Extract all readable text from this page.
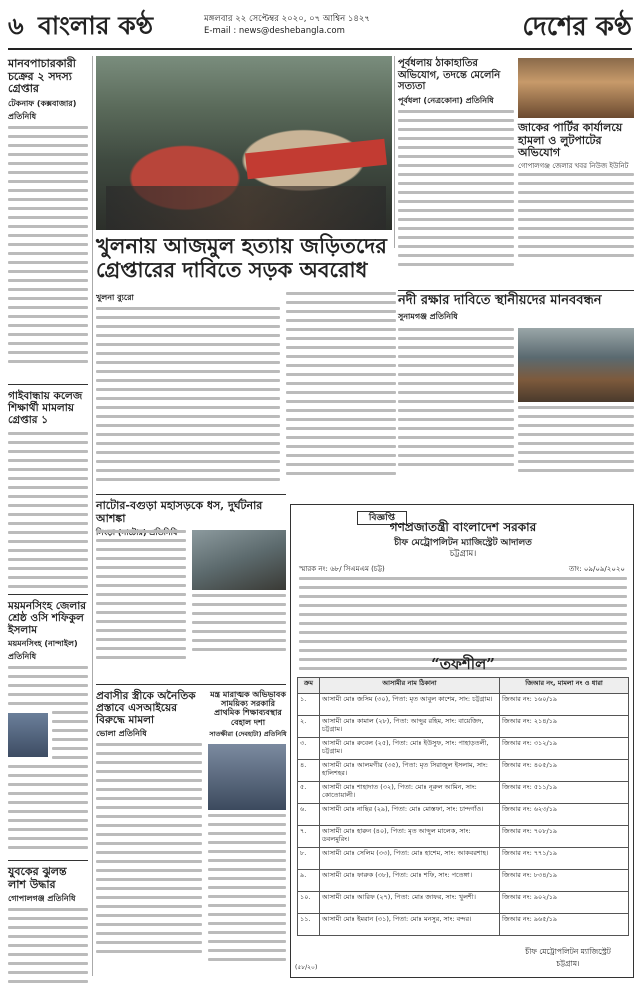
৬ বাংলার কণ্ঠ	মঙ্গলবার ২২ সেপ্টেম্বর ২০২০, ০৭ আশ্বিন ১৪২৭
E-mail : news@deshebangla.com	দেশের কণ্ঠ
মানবপাচারকারী চক্রের ২ সদস্য গ্রেপ্তার
টেকনাফ (কক্সবাজার) প্রতিনিধি
গাইবান্ধায় কলেজ শিক্ষার্থী মামলায় গ্রেপ্তার ১
ময়মনসিংহ জেলার শ্রেষ্ঠ ওসি শফিকুল ইসলাম
ময়মনসিংহ (নান্দাইল) প্রতিনিধি
যুবকের ঝুলন্ত লাশ উদ্ধার
গোপালগঞ্জ প্রতিনিধি
খুলনায় আজমুল হত্যায় জড়িতদের
গ্রেপ্তারের দাবিতে সড়ক অবরোধ
খুলনা ব্যুরো
পূর্বধলায় ঠাকাহাতির অভিযোগ, তদন্তে মেলেনি সত্যতা
পূর্বধলা (নেত্রকোনা) প্রতিনিধি
জাকের পার্টির কার্যালয়ে হামলা ও লুটপাটের অভিযোগ
গোপালগঞ্জ জেলার খবর নিউজ ইউনিট
নদী রক্ষার দাবিতে স্থানীয়দের মানববন্ধন
সুনামগঞ্জ প্রতিনিধি
নাটোর-বগুড়া মহাসড়কে ধস, দুর্ঘটনার আশঙ্কা
প্রবাসীর স্ত্রীকে অনৈতিক প্রস্তাবে এসআইয়ের বিরুদ্ধে মামলা
ভোলা প্রতিনিধি
বিজ্ঞপ্তি
গণপ্রজাতন্ত্রী বাংলাদেশ সরকার
চীফ মেট্রোপলিটন ম্যাজিস্ট্রেট আদালত
চট্টগ্রাম।
স্মারক নং: ৬৮/ সিএমএম (চট্ট)	তাং: ০৯/০৯/২০২০
“তফশীল”
ক্রম	আসামীর নাম ঠিকানা	জিআর নং, মামলা নং ও ধারা
১.	আসামী মোঃ জসিম (৩০), পিতা: মৃত আবুল কাশেম, সাং: চট্টগ্রাম।	জিআর নং: ১৬০/১৯
২.	আসামী মোঃ কামাল (২৮), পিতা: আব্দুর রহিম, সাং: বায়েজিদ, চট্টগ্রাম।	জিআর নং: ২১৪/১৯
৩.	আসামী মোঃ রুবেল (২৫), পিতা: মোঃ ইউসুফ, সাং: পাহাড়তলী, চট্টগ্রাম।	জিআর নং: ৩১২/১৯
৪.	আসামী মোঃ আলমগীর (৩৫), পিতা: মৃত সিরাজুল ইসলাম, সাং: হালিশহর।	জিআর নং: ৪০৫/১৯
৫.	আসামী মোঃ শাহাদাত (৩২), পিতা: মোঃ নূরুল আমিন, সাং: কোতোয়ালী।	জিআর নং: ৫১১/১৯
৬.	আসামী মোঃ নাছির (২৯), পিতা: মোঃ মোস্তফা, সাং: চান্দগাঁও।	জিআর নং: ৬২৩/১৯
৭.	আসামী মোঃ হারুন (৪০), পিতা: মৃত আব্দুল মালেক, সাং: ডবলমুরিং।	জিআর নং: ৭০৮/১৯
৮.	আসামী মোঃ সেলিম (৩৩), পিতা: মোঃ হাশেম, সাং: আকবরশাহ।	জিআর নং: ৭৭১/১৯
৯.	আসামী মোঃ ফারুক (৩৮), পিতা: মোঃ শফি, সাং: পতেঙ্গা।	জিআর নং: ৮৩৪/১৯
১০.	আসামী মোঃ আরিফ (২৭), পিতা: মোঃ জাফর, সাং: খুলশী।	জিআর নং: ৯০২/১৯
১১.	আসামী মোঃ ইমরান (৩১), পিতা: মোঃ মনসুর, সাং: বন্দর।	জিআর নং: ৯৬৫/১৯
চীফ মেট্রোপলিটন ম্যাজিস্ট্রেট চট্টগ্রাম।
(৫৮/২০)
মন্ত্র মারাত্মক অভিভাবক সাময়িক্য সরকারি প্রাথমিক শিক্ষাব্যবস্থার বেহাল দশা
সাতক্ষীরা (দেবহাটা) প্রতিনিধি
